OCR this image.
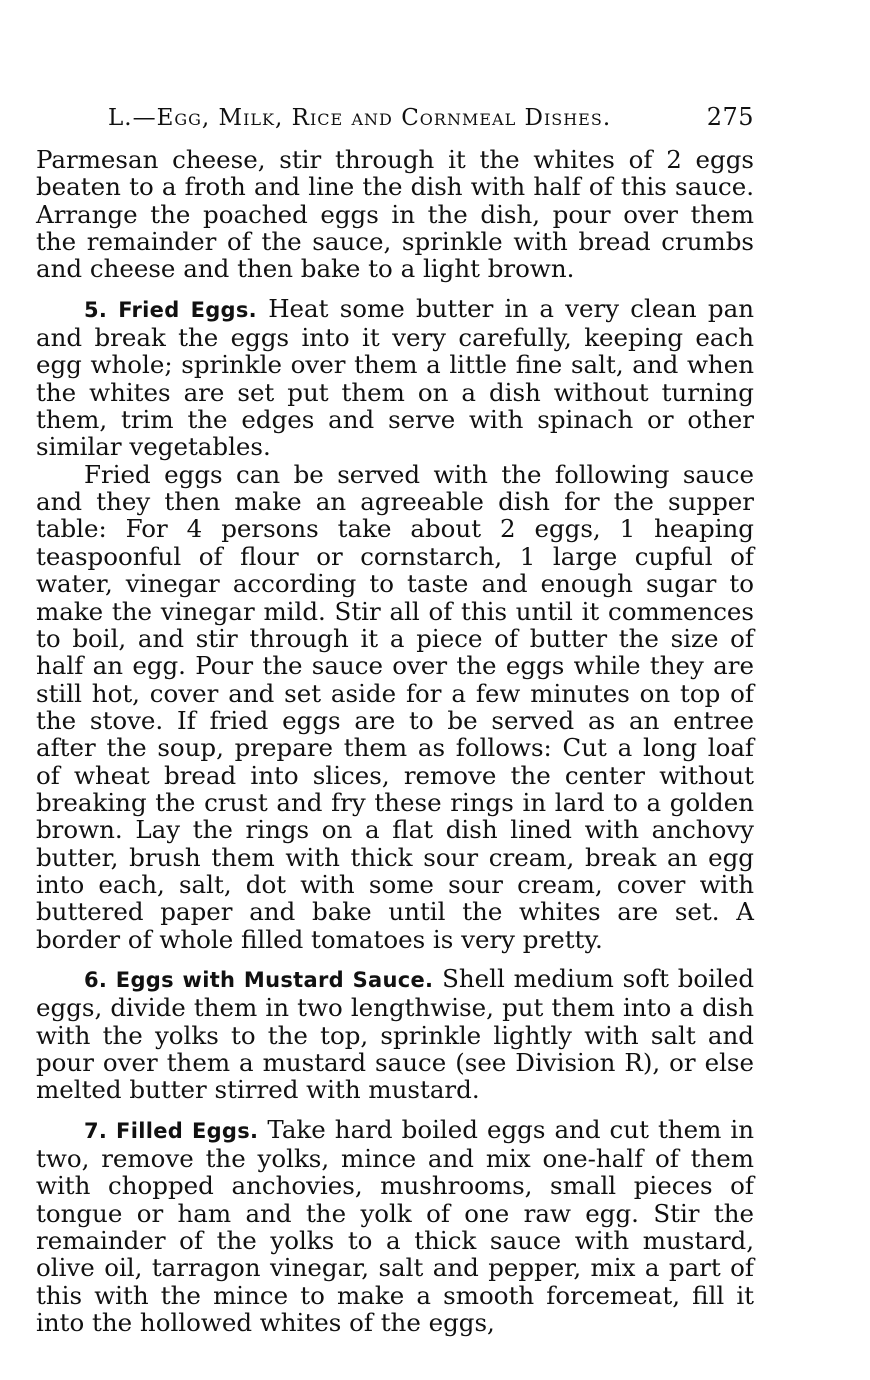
L.—Egg, Milk, Rice and Cornmeal Dishes.	275

Parmesan cheese, stir through it the whites of 2 eggs beaten to a froth and line the dish with half of this sauce. Arrange the poached eggs in the dish, pour over them the remainder of the sauce, sprinkle with bread crumbs and cheese and then bake to a light brown.

5. Fried Eggs. Heat some butter in a very clean pan and break the eggs into it very carefully, keeping each egg whole; sprinkle over them a little fine salt, and when the whites are set put them on a dish without turning them, trim the edges and serve with spinach or other similar vegetables.

Fried eggs can be served with the following sauce and they then make an agreeable dish for the supper table: For 4 persons take about 2 eggs, 1 heaping teaspoonful of flour or cornstarch, 1 large cupful of water, vinegar according to taste and enough sugar to make the vinegar mild. Stir all of this until it commences to boil, and stir through it a piece of butter the size of half an egg. Pour the sauce over the eggs while they are still hot, cover and set aside for a few minutes on top of the stove. If fried eggs are to be served as an entree after the soup, prepare them as follows: Cut a long loaf of wheat bread into slices, remove the center without breaking the crust and fry these rings in lard to a golden brown. Lay the rings on a flat dish lined with anchovy butter, brush them with thick sour cream, break an egg into each, salt, dot with some sour cream, cover with buttered paper and bake until the whites are set. A border of whole filled tomatoes is very pretty.

6. Eggs with Mustard Sauce. Shell medium soft boiled eggs, divide them in two lengthwise, put them into a dish with the yolks to the top, sprinkle lightly with salt and pour over them a mustard sauce (see Division R), or else melted butter stirred with mustard.

7. Filled Eggs. Take hard boiled eggs and cut them in two, remove the yolks, mince and mix one-half of them with chopped anchovies, mushrooms, small pieces of tongue or ham and the yolk of one raw egg. Stir the remainder of the yolks to a thick sauce with mustard, olive oil, tarragon vinegar, salt and pepper, mix a part of this with the mince to make a smooth forcemeat, fill it into the hollowed whites of the eggs,
